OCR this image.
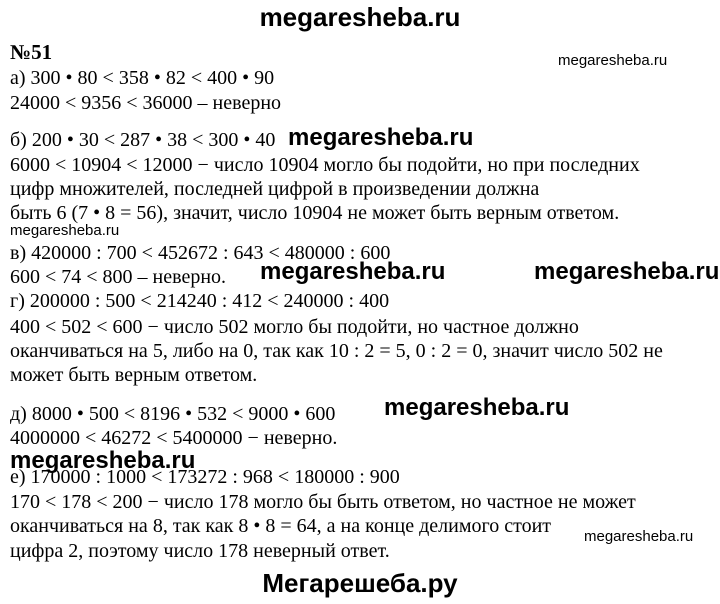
megaresheba.ru
№51	megaresheba.ru
а) 300 • 80 < 358 • 82 < 400 • 90
24000 < 9356 < 36000 – неверно
б) 200 • 30 < 287 • 38 < 300 • 40 megaresheba.ru
6000 < 10904 < 12000 − число 10904 могло бы подойти, но при последних
цифр множителей, последней цифрой в произведении должна
быть 6 (7 • 8 = 56), значит, число 10904 не может быть верным ответом.
megaresheba.ru
в) 420000 : 700 < 452672 : 643 < 480000 : 600
600 < 74 < 800 – неверно. megaresheba.ru	megaresheba.ru
г) 200000 : 500 < 214240 : 412 < 240000 : 400
400 < 502 < 600 − число 502 могло бы подойти, но частное должно
оканчиваться на 5, либо на 0, так как 10 : 2 = 5, 0 : 2 = 0, значит число 502 не
может быть верным ответом.
д) 8000 • 500 < 8196 • 532 < 9000 • 600 megaresheba.ru
4000000 < 46272 < 5400000 − неверно.
megaresheba.ru
е) 170000 : 1000 < 173272 : 968 < 180000 : 900
170 < 178 < 200 − число 178 могло бы быть ответом, но частное не может
оканчиваться на 8, так как 8 • 8 = 64, а на конце делимого стоит
цифра 2, поэтому число 178 неверный ответ.
megaresheba.ru
Мегарешеба.ру
